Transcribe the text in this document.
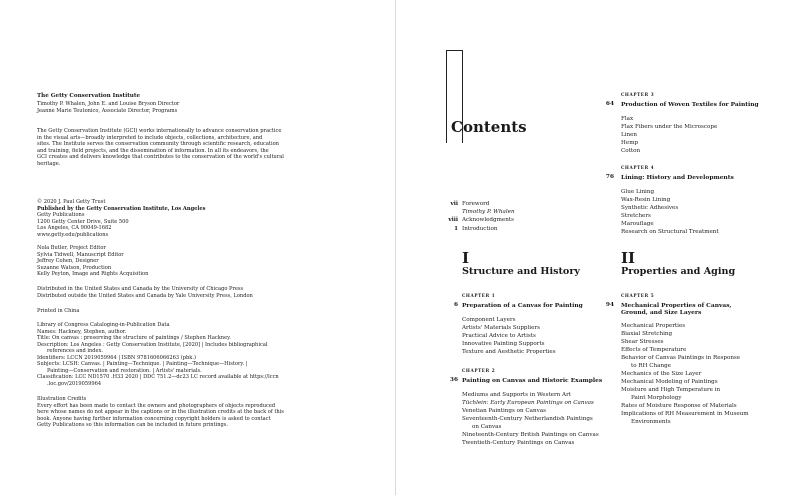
The Getty Conservation Institute
Timothy P. Whalen, John E. and Louise Bryson Director
Jeanne Marie Teutonico, Associate Director, Programs
The Getty Conservation Institute (GCI) works internationally to advance conservation practice
in the visual arts—broadly interpreted to include objects, collections, architecture, and
sites. The Institute serves the conservation community through scientific research, education
and training, field projects, and the dissemination of information. In all its endeavors, the
GCI creates and delivers knowledge that contributes to the conservation of the world's cultural
heritage.
© 2020 J. Paul Getty Trust
Published by the Getty Conservation Institute, Los Angeles
Getty Publications
1200 Getty Center Drive, Suite 500
Los Angeles, CA 90049-1682
www.getty.edu/publications
Nola Butler, Project Editor
Sylvia Tidwell, Manuscript Editor
Jeffrey Cohen, Designer
Suzanne Watson, Production
Kelly Peyton, Image and Rights Acquisition
Distributed in the United States and Canada by the University of Chicago Press
Distributed outside the United States and Canada by Yale University Press, London
Printed in China
Library of Congress Cataloging-in-Publication Data
Names: Hackney, Stephen, author.
Title: On canvas : preserving the structure of paintings / Stephen Hackney.
Description: Los Angeles : Getty Conservation Institute, [2020] | Includes bibliographical
references and index.
Identifiers: LCCN 2019059964 | ISBN 9781606066263 (pbk.)
Subjects: LCSH: Canvas. | Painting—Technique. | Painting—Technique—History. |
Painting—Conservation and restoration. | Artists' materials.
Classification: LCC ND1570 .H33 2020 | DDC 751.2—dc23 LC record available at https://lccn
.loc.gov/2019059964
Illustration Credits
Every effort has been made to contact the owners and photographers of objects reproduced
here whose names do not appear in the captions or in the illustration credits at the back of this
book. Anyone having further information concerning copyright holders is asked to contact
Getty Publications so this information can be included in future printings.
Contents
vii Foreword
Timothy P. Whalen
viii Acknowledgments
1 Introduction
CHAPTER 3
64 Production of Woven Textiles for Painting
Flax
Flax Fibers under the Microscope
Linen
Hemp
Cotton
CHAPTER 4
76 Lining: History and Developments
Glue Lining
Wax-Resin Lining
Synthetic Adhesives
Stretchers
Marouflage
Research on Structural Treatment
I
Structure and History
CHAPTER 1
6 Preparation of a Canvas for Painting
Component Layers
Artists' Materials Suppliers
Practical Advice to Artists
Innovative Painting Supports
Texture and Aesthetic Properties
CHAPTER 2
36 Painting on Canvas and Historic Examples
Mediums and Supports in Western Art
Tüchlein: Early European Paintings on Canvas
Venetian Paintings on Canvas
Seventeenth-Century Netherlandish Paintings
on Canvas
Nineteenth-Century British Paintings on Canvas
Twentieth-Century Paintings on Canvas
II
Properties and Aging
CHAPTER 5
94 Mechanical Properties of Canvas,
Ground, and Size Layers
Mechanical Properties
Biaxial Stretching
Shear Stresses
Effects of Temperature
Behavior of Canvas Paintings in Response
to RH Change
Mechanics of the Size Layer
Mechanical Modeling of Paintings
Moisture and High Temperature in
Paint Morphology
Rates of Moisture Response of Materials
Implications of RH Measurement in Museum
Environments
